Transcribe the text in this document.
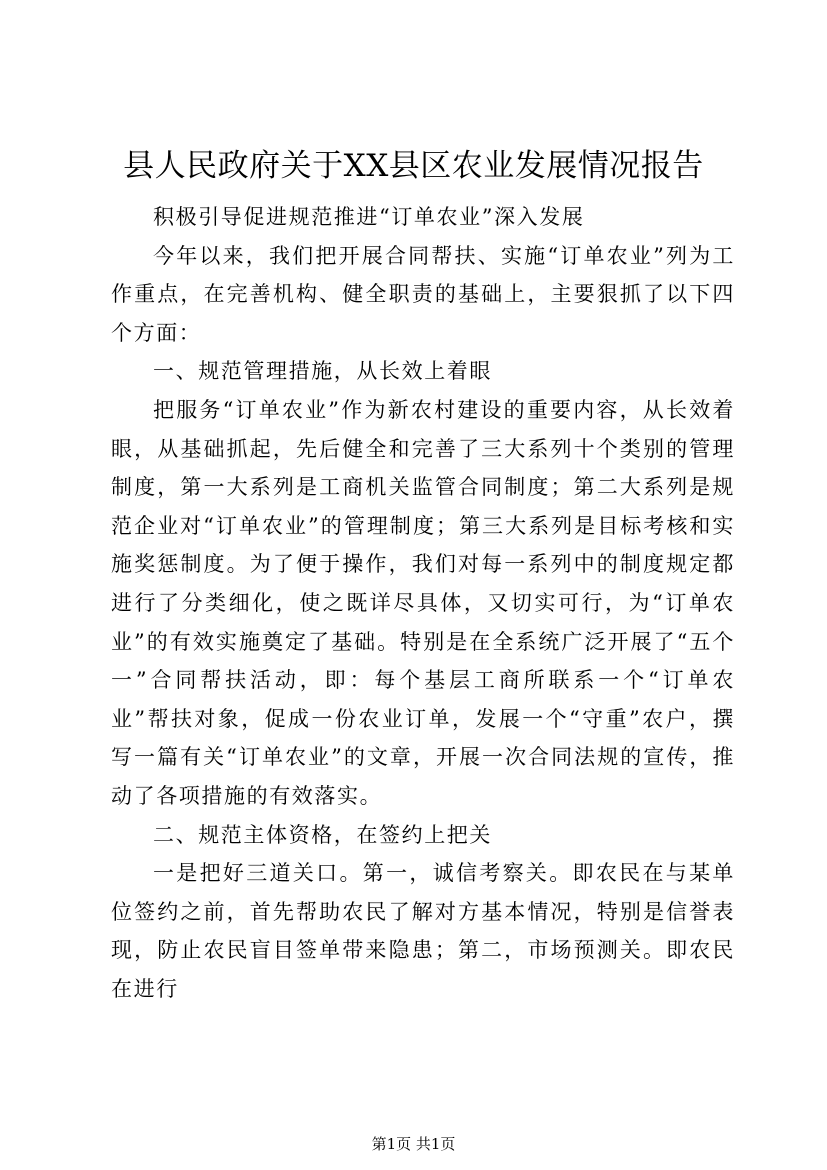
县人民政府关于XX县区农业发展情况报告

积极引导促进规范推进“订单农业”深入发展

今年以来，我们把开展合同帮扶、实施“订单农业”列为工作重点，在完善机构、健全职责的基础上，主要狠抓了以下四个方面：

一、规范管理措施，从长效上着眼

把服务“订单农业”作为新农村建设的重要内容，从长效着眼，从基础抓起，先后健全和完善了三大系列十个类别的管理制度，第一大系列是工商机关监管合同制度；第二大系列是规范企业对“订单农业”的管理制度；第三大系列是目标考核和实施奖惩制度。为了便于操作，我们对每一系列中的制度规定都进行了分类细化，使之既详尽具体，又切实可行，为“订单农业”的有效实施奠定了基础。特别是在全系统广泛开展了“五个一”合同帮扶活动，即：每个基层工商所联系一个“订单农业”帮扶对象，促成一份农业订单，发展一个“守重”农户，撰写一篇有关“订单农业”的文章，开展一次合同法规的宣传，推动了各项措施的有效落实。

二、规范主体资格，在签约上把关

一是把好三道关口。第一，诚信考察关。即农民在与某单位签约之前，首先帮助农民了解对方基本情况，特别是信誉表现，防止农民盲目签单带来隐患；第二，市场预测关。即农民在进行

第1页 共1页
